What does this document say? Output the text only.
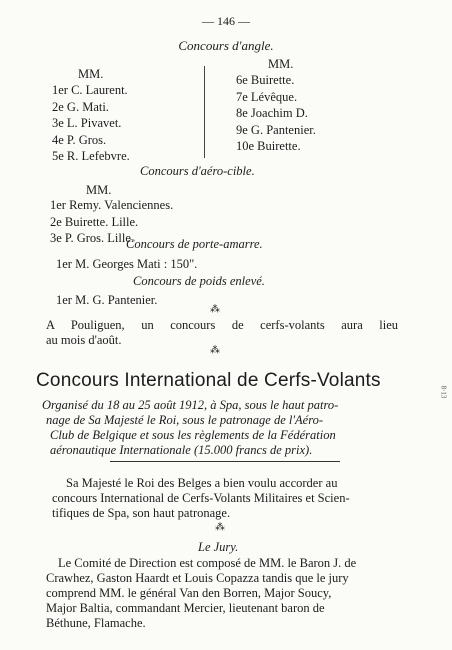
— 146 —
Concours d'angle.
MM.
1er C. Laurent.
2e G. Mati.
3e L. Pivavet.
4e P. Gros.
5e R. Lefebvre.
MM.
6e Buirette.
7e Lévêque.
8e Joachim D.
9e G. Pantenier.
10e Buirette.
Concours d'aéro-cible.
MM.
1er Remy. Valenciennes.
2e Buirette. Lille.
3e P. Gros. Lille.
Concours de porte-amarre.
1er M. Georges Mati : 150".
Concours de poids enlevé.
1er M. G. Pantenier.
⁂
A Pouliguen, un concours de cerfs-volants aura lieu
au mois d'août.
⁂
Concours International de Cerfs-Volants
Organisé du 18 au 25 août 1912, à Spa, sous le haut patro-
nage de Sa Majesté le Roi, sous le patronage de l'Aéro-
Club de Belgique et sous les règlements de la Fédération
aéronautique Internationale (15.000 francs de prix).
Sa Majesté le Roi des Belges a bien voulu accorder au
concours International de Cerfs-Volants Militaires et Scien-
tifiques de Spa, son haut patronage.
⁂
Le Jury.
Le Comité de Direction est composé de MM. le Baron J. de
Crawhez, Gaston Haardt et Louis Copazza tandis que le jury
comprend MM. le général Van den Borren, Major Soucy,
Major Baltia, commandant Mercier, lieutenant baron de
Béthune, Flamache.
8·13
